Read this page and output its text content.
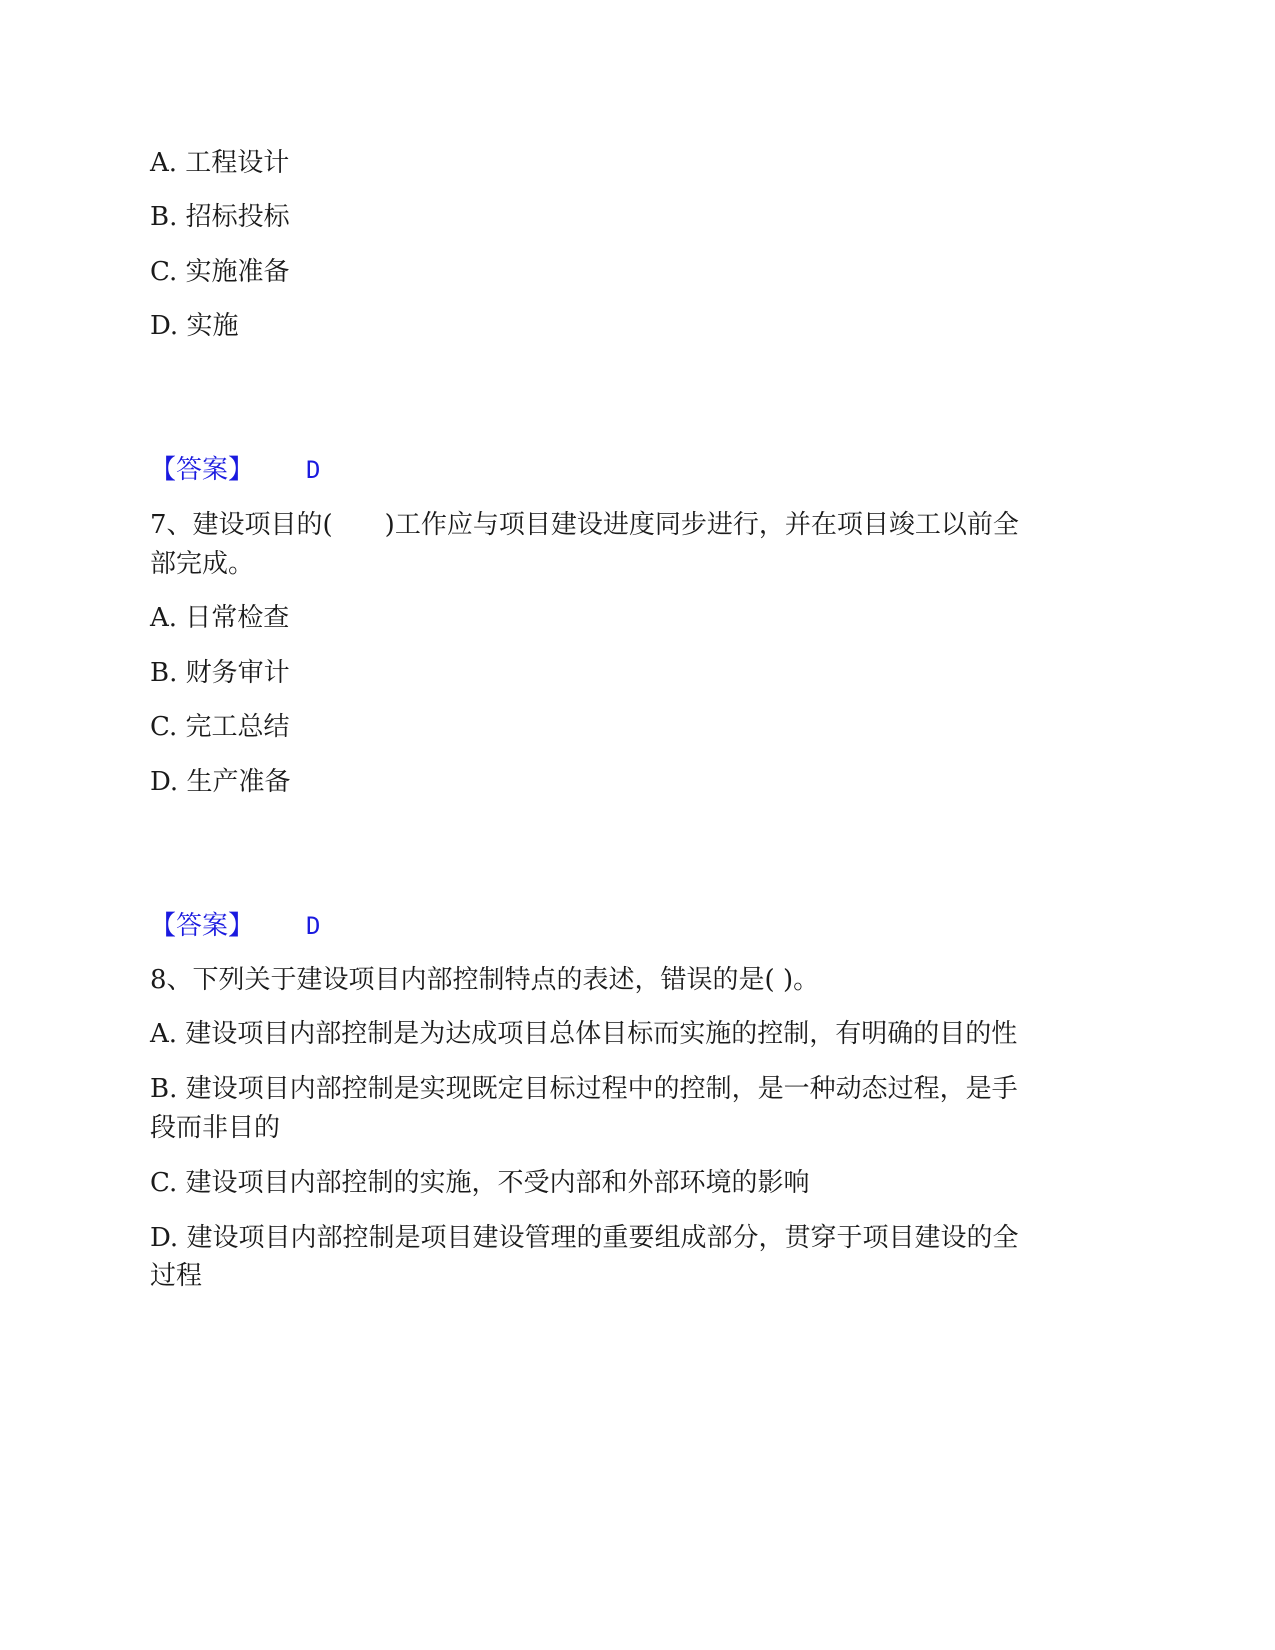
A. 工程设计
B. 招标投标
C. 实施准备
D. 实施
【答案】 D
7、建设项目的(　　)工作应与项目建设进度同步进行，并在项目竣工以前全
部完成。
A. 日常检查
B. 财务审计
C. 完工总结
D. 生产准备
【答案】 D
8、下列关于建设项目内部控制特点的表述，错误的是( )。
A. 建设项目内部控制是为达成项目总体目标而实施的控制，有明确的目的性
B. 建设项目内部控制是实现既定目标过程中的控制，是一种动态过程，是手
段而非目的
C. 建设项目内部控制的实施，不受内部和外部环境的影响
D. 建设项目内部控制是项目建设管理的重要组成部分，贯穿于项目建设的全
过程
